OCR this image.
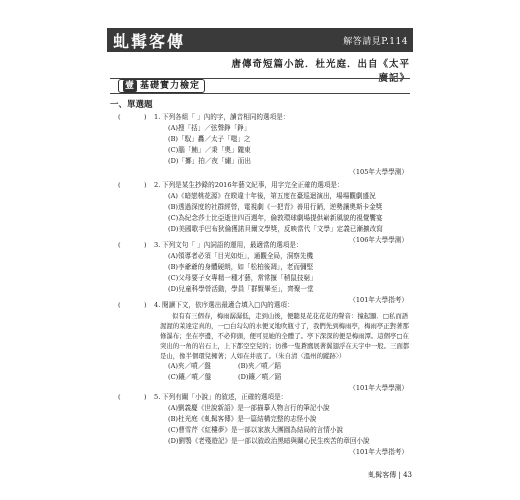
虬髯客傳	解答請見P.114
唐傳奇短篇小說．杜光庭．出自《太平廣記》
壹 基礎實力檢定
一、單選題
(	) 1. 下列各組「 」內的字，讀音相同的選項是：
(A)搜「括」／弦聲錚「錚」
(B)「馭」轟／太子「嗤」之
(C)腦「鮪」／秉「奧」隴東
(D)「擲」拍／夜「繡」而出
（105年大學學測）
(	) 2. 下列是某生抄錄的2016年藝文紀事，用字完全正確的選項是：
(A)《暗戀桃花源》在睽違十年後，第五度在臺巡迴演出，場場觀劇盛況
(B)透過深度的社群經營，電視劇《一把青》善用行銷，逆勢讓奧斯卡金獎
(C)為紀念莎士比亞逝世四百週年，倫敦環球劇場提供嶄新風貌的視覺饗宴
(D)美國歌手巴布狄倫獲諾貝爾文學獎，反映當代「文學」定義已漸擴改寫
（106年大學學測）
(	) 3. 下列文句「 」內詞語的運用，最適當的選項是：
(A)領導者必須「目光如炬」，通觀全局，洞察先機
(B)李爺爺的身體硬朗，如「松柏後凋」，老而彌堅
(C)父母要子女專精一種才藝，常常揠「稍鼠技窮」
(D)兒童科學營活動，學員「群賢畢至」，齊聚一堂
（101年大學指考）
(	) 4. 閱讀下文，依序選出最適合填入□內的選項：
似有有三個春，梅雨潺潺低，走到山後，便聽見花花花花的聲音：撞起顯．□私而語渥渥的茉達定真的，一□白勾勾的水便叉地吹瓶寸了，我們先到梅雨亭，梅雨亭正對著那條瀑布；坐在亭邊，不必仰頭，便可見她的全體了。亭下深深的便是梅雨潭。這個亭□在突出的一角的岩石上，上下都空空兒的；彷彿一隻蒼鷹展著翼翅浮在天宇中一般。三面都是山，像半個環兒擁著；人如在井底了。（朱自清〈溫州的蹤跡〉）
(A)夾／噴／盤	(B)夾／噴／蹈
(C)鑲／噴／盤	(D)鑲／噴／蹈
（101年大學學測）
(	) 5. 下列有關「小說」的敘述，正確的選項是：
(A)劉義慶《世說新語》是一部描摹人物言行的筆記小說
(B)杜光庭《虬髯客傳》是一篇結構完整的志怪小說
(C)曹雪芹《紅樓夢》是一部以家族大團圓為結局的言情小說
(D)劉鶚《老殘遊記》是一部以敘政治黑暗與關心民生疾苦的章回小說
（101年大學指考）
虬髯客傳 | 43
